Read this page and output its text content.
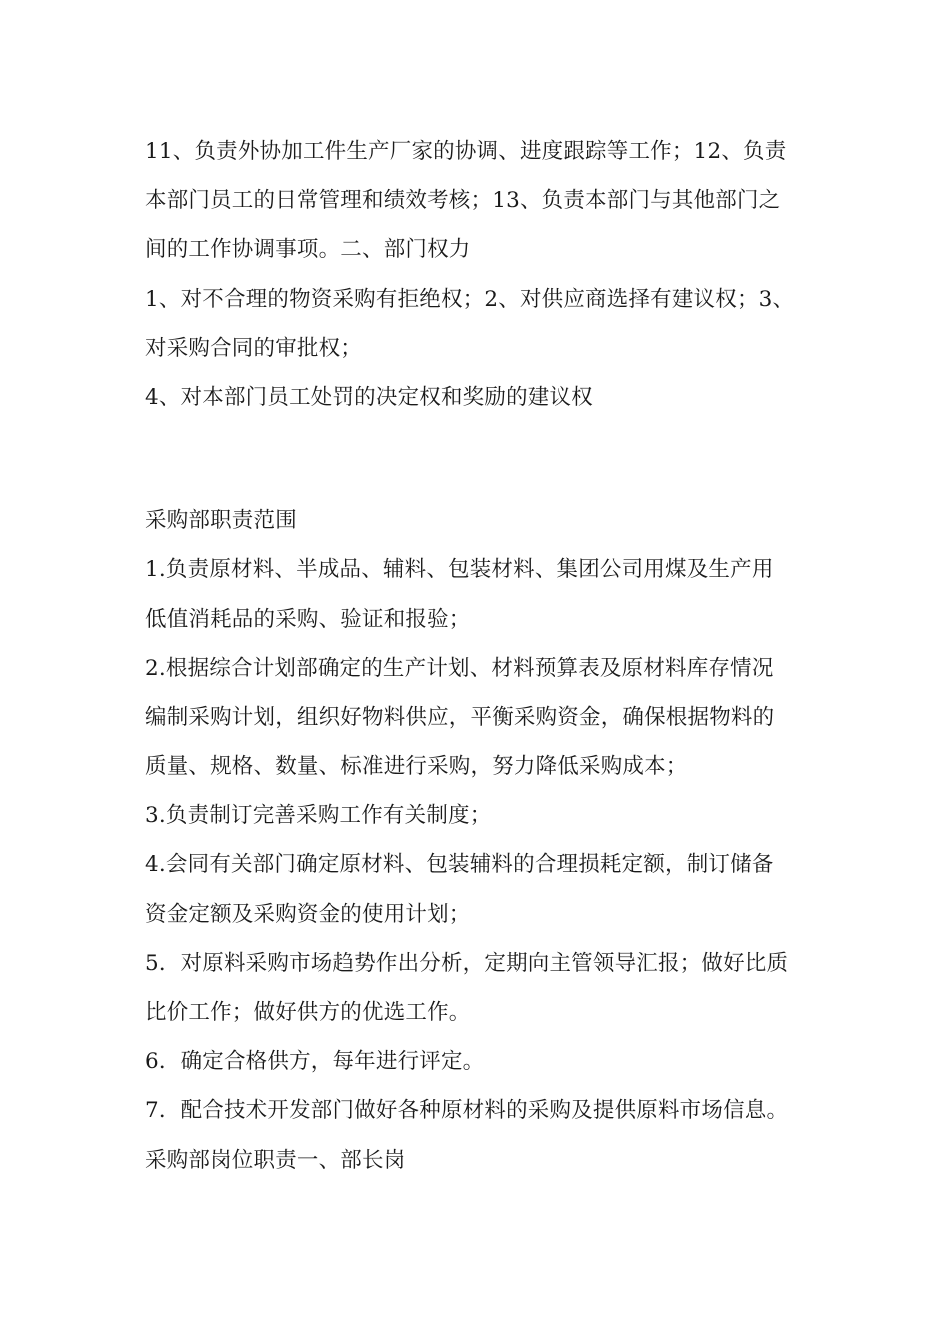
11、负责外协加工件生产厂家的协调、进度跟踪等工作；12、负责
本部门员工的日常管理和绩效考核；13、负责本部门与其他部门之
间的工作协调事项。二、部门权力
1、对不合理的物资采购有拒绝权；2、对供应商选择有建议权；3、
对采购合同的审批权；
4、对本部门员工处罚的决定权和奖励的建议权
采购部职责范围
1.负责原材料、半成品、辅料、包装材料、集团公司用煤及生产用
低值消耗品的采购、验证和报验；
2.根据综合计划部确定的生产计划、材料预算表及原材料库存情况
编制采购计划，组织好物料供应，平衡采购资金，确保根据物料的
质量、规格、数量、标准进行采购，努力降低采购成本；
3.负责制订完善采购工作有关制度；
4.会同有关部门确定原材料、包装辅料的合理损耗定额，制订储备
资金定额及采购资金的使用计划；
5．对原料采购市场趋势作出分析，定期向主管领导汇报；做好比质
比价工作；做好供方的优选工作。
6．确定合格供方，每年进行评定。
7．配合技术开发部门做好各种原材料的采购及提供原料市场信息。
采购部岗位职责一、部长岗
